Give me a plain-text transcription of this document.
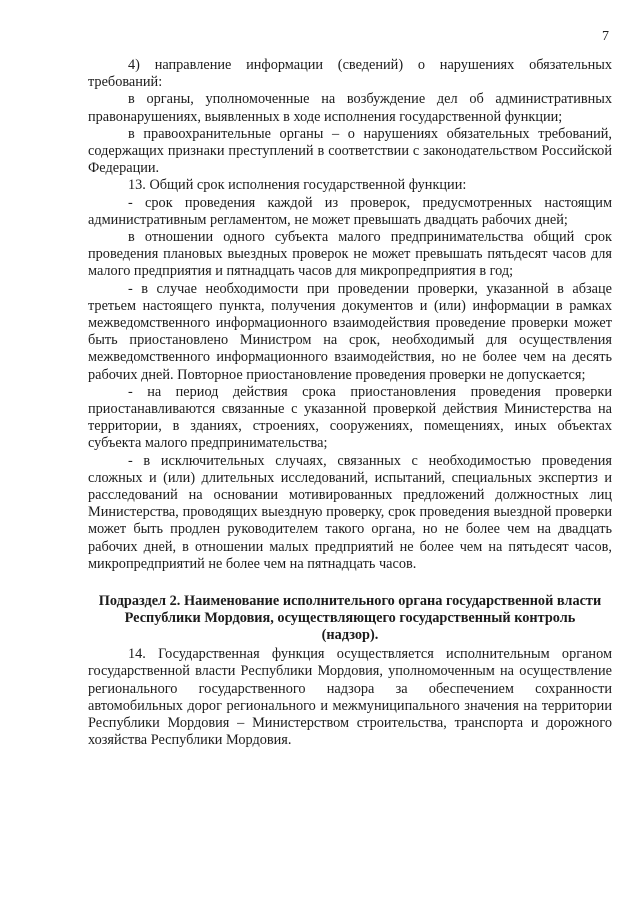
7

4) направление информации (сведений) о нарушениях обязательных требований:

в органы, уполномоченные на возбуждение дел об административных правонарушениях, выявленных в ходе исполнения государственной функции;

в правоохранительные органы – о нарушениях обязательных требований, содержащих признаки преступлений в соответствии с законодательством Российской Федерации.

13. Общий срок исполнения государственной функции:

- срок проведения каждой из проверок, предусмотренных настоящим административным регламентом, не может превышать двадцать рабочих дней;

в отношении одного субъекта малого предпринимательства общий срок проведения плановых выездных проверок не может превышать пятьдесят часов для малого предприятия и пятнадцать часов для микропредприятия в год;

- в случае необходимости при проведении проверки, указанной в абзаце третьем настоящего пункта, получения документов и (или) информации в рамках межведомственного информационного взаимодействия проведение проверки может быть приостановлено Министром на срок, необходимый для осуществления межведомственного информационного взаимодействия, но не более чем на десять рабочих дней. Повторное приостановление проведения проверки не допускается;

- на период действия срока приостановления проведения проверки приостанавливаются связанные с указанной проверкой действия Министерства на территории, в зданиях, строениях, сооружениях, помещениях, иных объектах субъекта малого предпринимательства;

- в исключительных случаях, связанных с необходимостью проведения сложных и (или) длительных исследований, испытаний, специальных экспертиз и расследований на основании мотивированных предложений должностных лиц Министерства, проводящих выездную проверку, срок проведения выездной проверки может быть продлен руководителем такого органа, но не более чем на двадцать рабочих дней, в отношении малых предприятий не более чем на пятьдесят часов, микропредприятий не более чем на пятнадцать часов.

Подраздел 2. Наименование исполнительного органа государственной власти Республики Мордовия, осуществляющего государственный контроль (надзор).

14. Государственная функция осуществляется исполнительным органом государственной власти Республики Мордовия, уполномоченным на осуществление регионального государственного надзора за обеспечением сохранности автомобильных дорог регионального и межмуниципального значения на территории Республики Мордовия – Министерством строительства, транспорта и дорожного хозяйства Республики Мордовия.
